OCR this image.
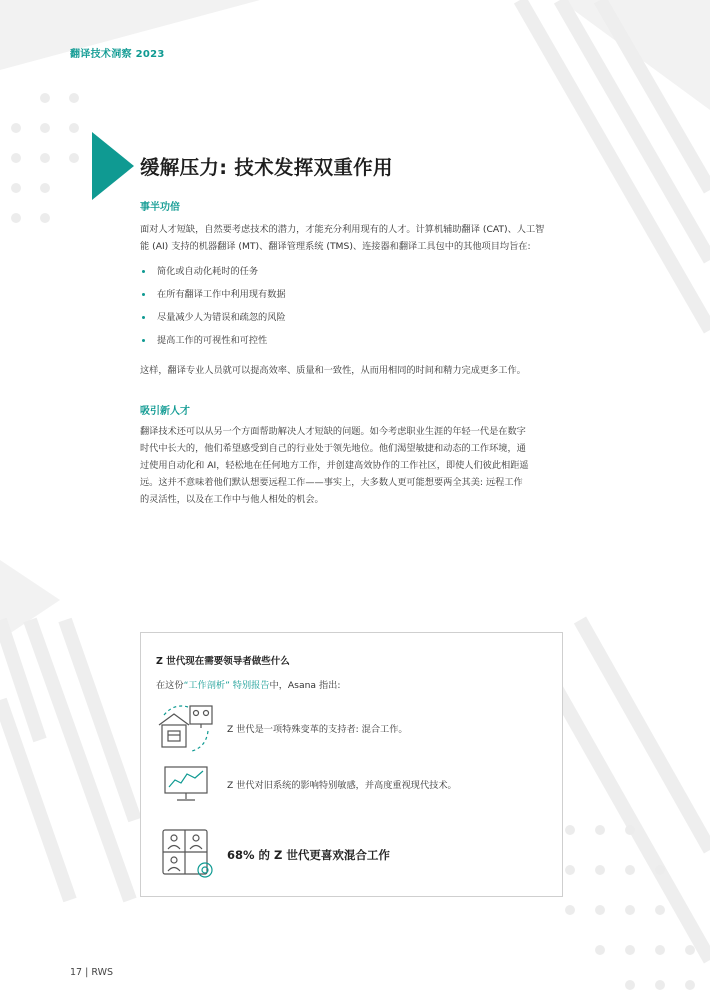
翻译技术洞察 2023
缓解压力: 技术发挥双重作用
事半功倍
面对人才短缺，自然要考虑技术的潜力，才能充分利用现有的人才。计算机辅助翻译 (CAT)、人工智
能 (AI) 支持的机器翻译 (MT)、翻译管理系统 (TMS)、连接器和翻译工具包中的其他项目均旨在:
简化或自动化耗时的任务
在所有翻译工作中利用现有数据
尽量减少人为错误和疏忽的风险
提高工作的可视性和可控性
这样，翻译专业人员就可以提高效率、质量和一致性，从而用相同的时间和精力完成更多工作。
吸引新人才
翻译技术还可以从另一个方面帮助解决人才短缺的问题。如今考虑职业生涯的年轻一代是在数字
时代中长大的，他们希望感受到自己的行业处于领先地位。他们渴望敏捷和动态的工作环境，通
过使用自动化和 AI，轻松地在任何地方工作，并创建高效协作的工作社区，即使人们彼此相距遥
远。这并不意味着他们默认想要远程工作——事实上，大多数人更可能想要两全其美: 远程工作
的灵活性，以及在工作中与他人相处的机会。
Z 世代现在需要领导者做些什么
在这份“工作剖析” 特别报告中，Asana 指出:
Z 世代是一项特殊变革的支持者: 混合工作。
Z 世代对旧系统的影响特别敏感，并高度重视现代技术。
68% 的 Z 世代更喜欢混合工作
17 | RWS
